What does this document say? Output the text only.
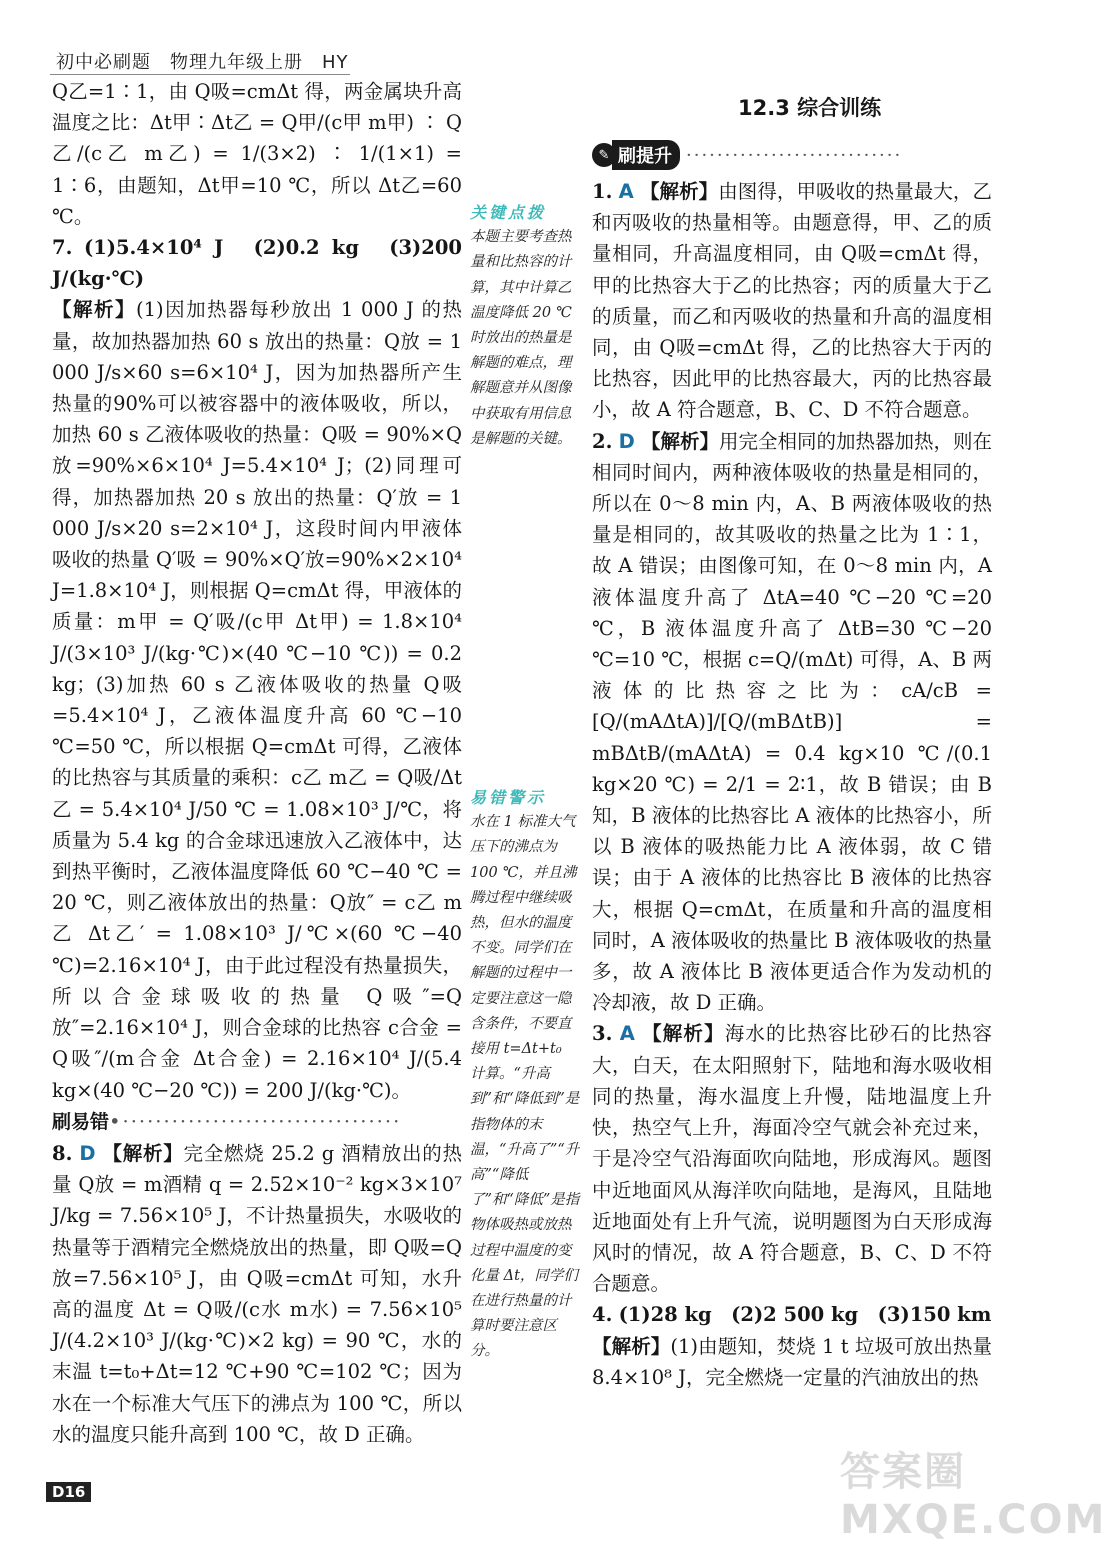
初中必刷题　物理九年级上册　HY

Q乙=1∶1，由 Q吸=cmΔt 得，两金属块升高温度之比：Δt甲∶Δt乙 = Q甲/(c甲 m甲) ∶ Q乙/(c乙 m乙) = 1/(3×2) ∶ 1/(1×1) = 1∶6，由题知，Δt甲=10 ℃，所以 Δt乙=60 ℃。

7. (1)5.4×10⁴ J　(2)0.2 kg　(3)200 J/(kg·℃)
【解析】(1)因加热器每秒放出 1 000 J 的热量，故加热器加热 60 s 放出的热量：Q放 = 1 000 J/s×60 s=6×10⁴ J，因为加热器所产生热量的90%可以被容器中的液体吸收，所以，加热 60 s 乙液体吸收的热量：Q吸 = 90%×Q放=90%×6×10⁴ J=5.4×10⁴ J；(2)同理可得，加热器加热 20 s 放出的热量：Q′放 = 1 000 J/s×20 s=2×10⁴ J，这段时间内甲液体吸收的热量 Q′吸 = 90%×Q′放=90%×2×10⁴ J=1.8×10⁴ J，则根据 Q=cmΔt 得，甲液体的质量：m甲 = Q′吸/(c甲 Δt甲) = 1.8×10⁴ J/(3×10³ J/(kg·℃)×(40 ℃−10 ℃)) = 0.2 kg；(3)加热 60 s 乙液体吸收的热量 Q吸=5.4×10⁴ J，乙液体温度升高 60 ℃−10 ℃=50 ℃，所以根据 Q=cmΔt 可得，乙液体的比热容与其质量的乘积：c乙 m乙 = Q吸/Δt乙 = 5.4×10⁴ J/50 ℃ = 1.08×10³ J/℃，将质量为 5.4 kg 的合金球迅速放入乙液体中，达到热平衡时，乙液体温度降低 60 ℃−40 ℃ = 20 ℃，则乙液体放出的热量：Q放″ = c乙 m乙 Δt乙′ = 1.08×10³ J/℃×(60 ℃−40 ℃)=2.16×10⁴ J，由于此过程没有热量损失，所以合金球吸收的热量 Q吸″=Q放″=2.16×10⁴ J，则合金球的比热容 c合金 = Q吸″/(m合金 Δt合金) = 2.16×10⁴ J/(5.4 kg×(40 ℃−20 ℃)) = 200 J/(kg·℃)。

刷易错•··································

8. D 【解析】完全燃烧 25.2 g 酒精放出的热量 Q放 = m酒精 q = 2.52×10⁻² kg×3×10⁷ J/kg = 7.56×10⁵ J，不计热量损失，水吸收的热量等于酒精完全燃烧放出的热量，即 Q吸=Q放=7.56×10⁵ J，由 Q吸=cmΔt 可知，水升高的温度 Δt = Q吸/(c水 m水) = 7.56×10⁵ J/(4.2×10³ J/(kg·℃)×2 kg) = 90 ℃，水的末温 t=t₀+Δt=12 ℃+90 ℃=102 ℃；因为水在一个标准大气压下的沸点为 100 ℃，所以水的温度只能升高到 100 ℃，故 D 正确。

关键点拨
本题主要考查热量和比热容的计算，其中计算乙温度降低 20 ℃ 时放出的热量是解题的难点，理解题意并从图像中获取有用信息是解题的关键。
易错警示
水在 1 标准大气压下的沸点为 100 ℃，并且沸腾过程中继续吸热，但水的温度不变。同学们在解题的过程中一定要注意这一隐含条件，不要直接用 t=Δt+t₀ 计算。“升高到”和“降低到”是指物体的末温，“升高了”“升高”“降低了”和“降低”是指物体吸热或放热过程中温度的变化量 Δt，同学们在进行热量的计算时要注意区分。
12.3 综合训练
✎ 刷提升 ····························

1. A 【解析】由图得，甲吸收的热量最大，乙和丙吸收的热量相等。由题意得，甲、乙的质量相同，升高温度相同，由 Q吸=cmΔt 得，甲的比热容大于乙的比热容；丙的质量大于乙的质量，而乙和丙吸收的热量和升高的温度相同，由 Q吸=cmΔt 得，乙的比热容大于丙的比热容，因此甲的比热容最大，丙的比热容最小，故 A 符合题意，B、C、D 不符合题意。

2. D 【解析】用完全相同的加热器加热，则在相同时间内，两种液体吸收的热量是相同的，所以在 0～8 min 内，A、B 两液体吸收的热量是相同的，故其吸收的热量之比为 1∶1，故 A 错误；由图像可知，在 0～8 min 内，A 液体温度升高了 ΔtA=40 ℃−20 ℃=20 ℃，B 液体温度升高了 ΔtB=30 ℃−20 ℃=10 ℃，根据 c=Q/(mΔt) 可得，A、B 两液体的比热容之比为：cA/cB = [Q/(mAΔtA)]/[Q/(mBΔtB)] = mBΔtB/(mAΔtA) = 0.4 kg×10 ℃/(0.1 kg×20 ℃) = 2/1 = 2∶1，故 B 错误；由 B 知，B 液体的比热容比 A 液体的比热容小，所以 B 液体的吸热能力比 A 液体弱，故 C 错误；由于 A 液体的比热容比 B 液体的比热容大，根据 Q=cmΔt，在质量和升高的温度相同时，A 液体吸收的热量比 B 液体吸收的热量多，故 A 液体比 B 液体更适合作为发动机的冷却液，故 D 正确。

3. A 【解析】海水的比热容比砂石的比热容大，白天，在太阳照射下，陆地和海水吸收相同的热量，海水温度上升慢，陆地温度上升快，热空气上升，海面冷空气就会补充过来，于是冷空气沿海面吹向陆地，形成海风。题图中近地面风从海洋吹向陆地，是海风，且陆地近地面处有上升气流，说明题图为白天形成海风时的情况，故 A 符合题意，B、C、D 不符合题意。

4. (1)28 kg　(2)2 500 kg　(3)150 km
【解析】(1)由题知，焚烧 1 t 垃圾可放出热量 8.4×10⁸ J，完全燃烧一定量的汽油放出的热

D16	答案圈 MXQE.COM
